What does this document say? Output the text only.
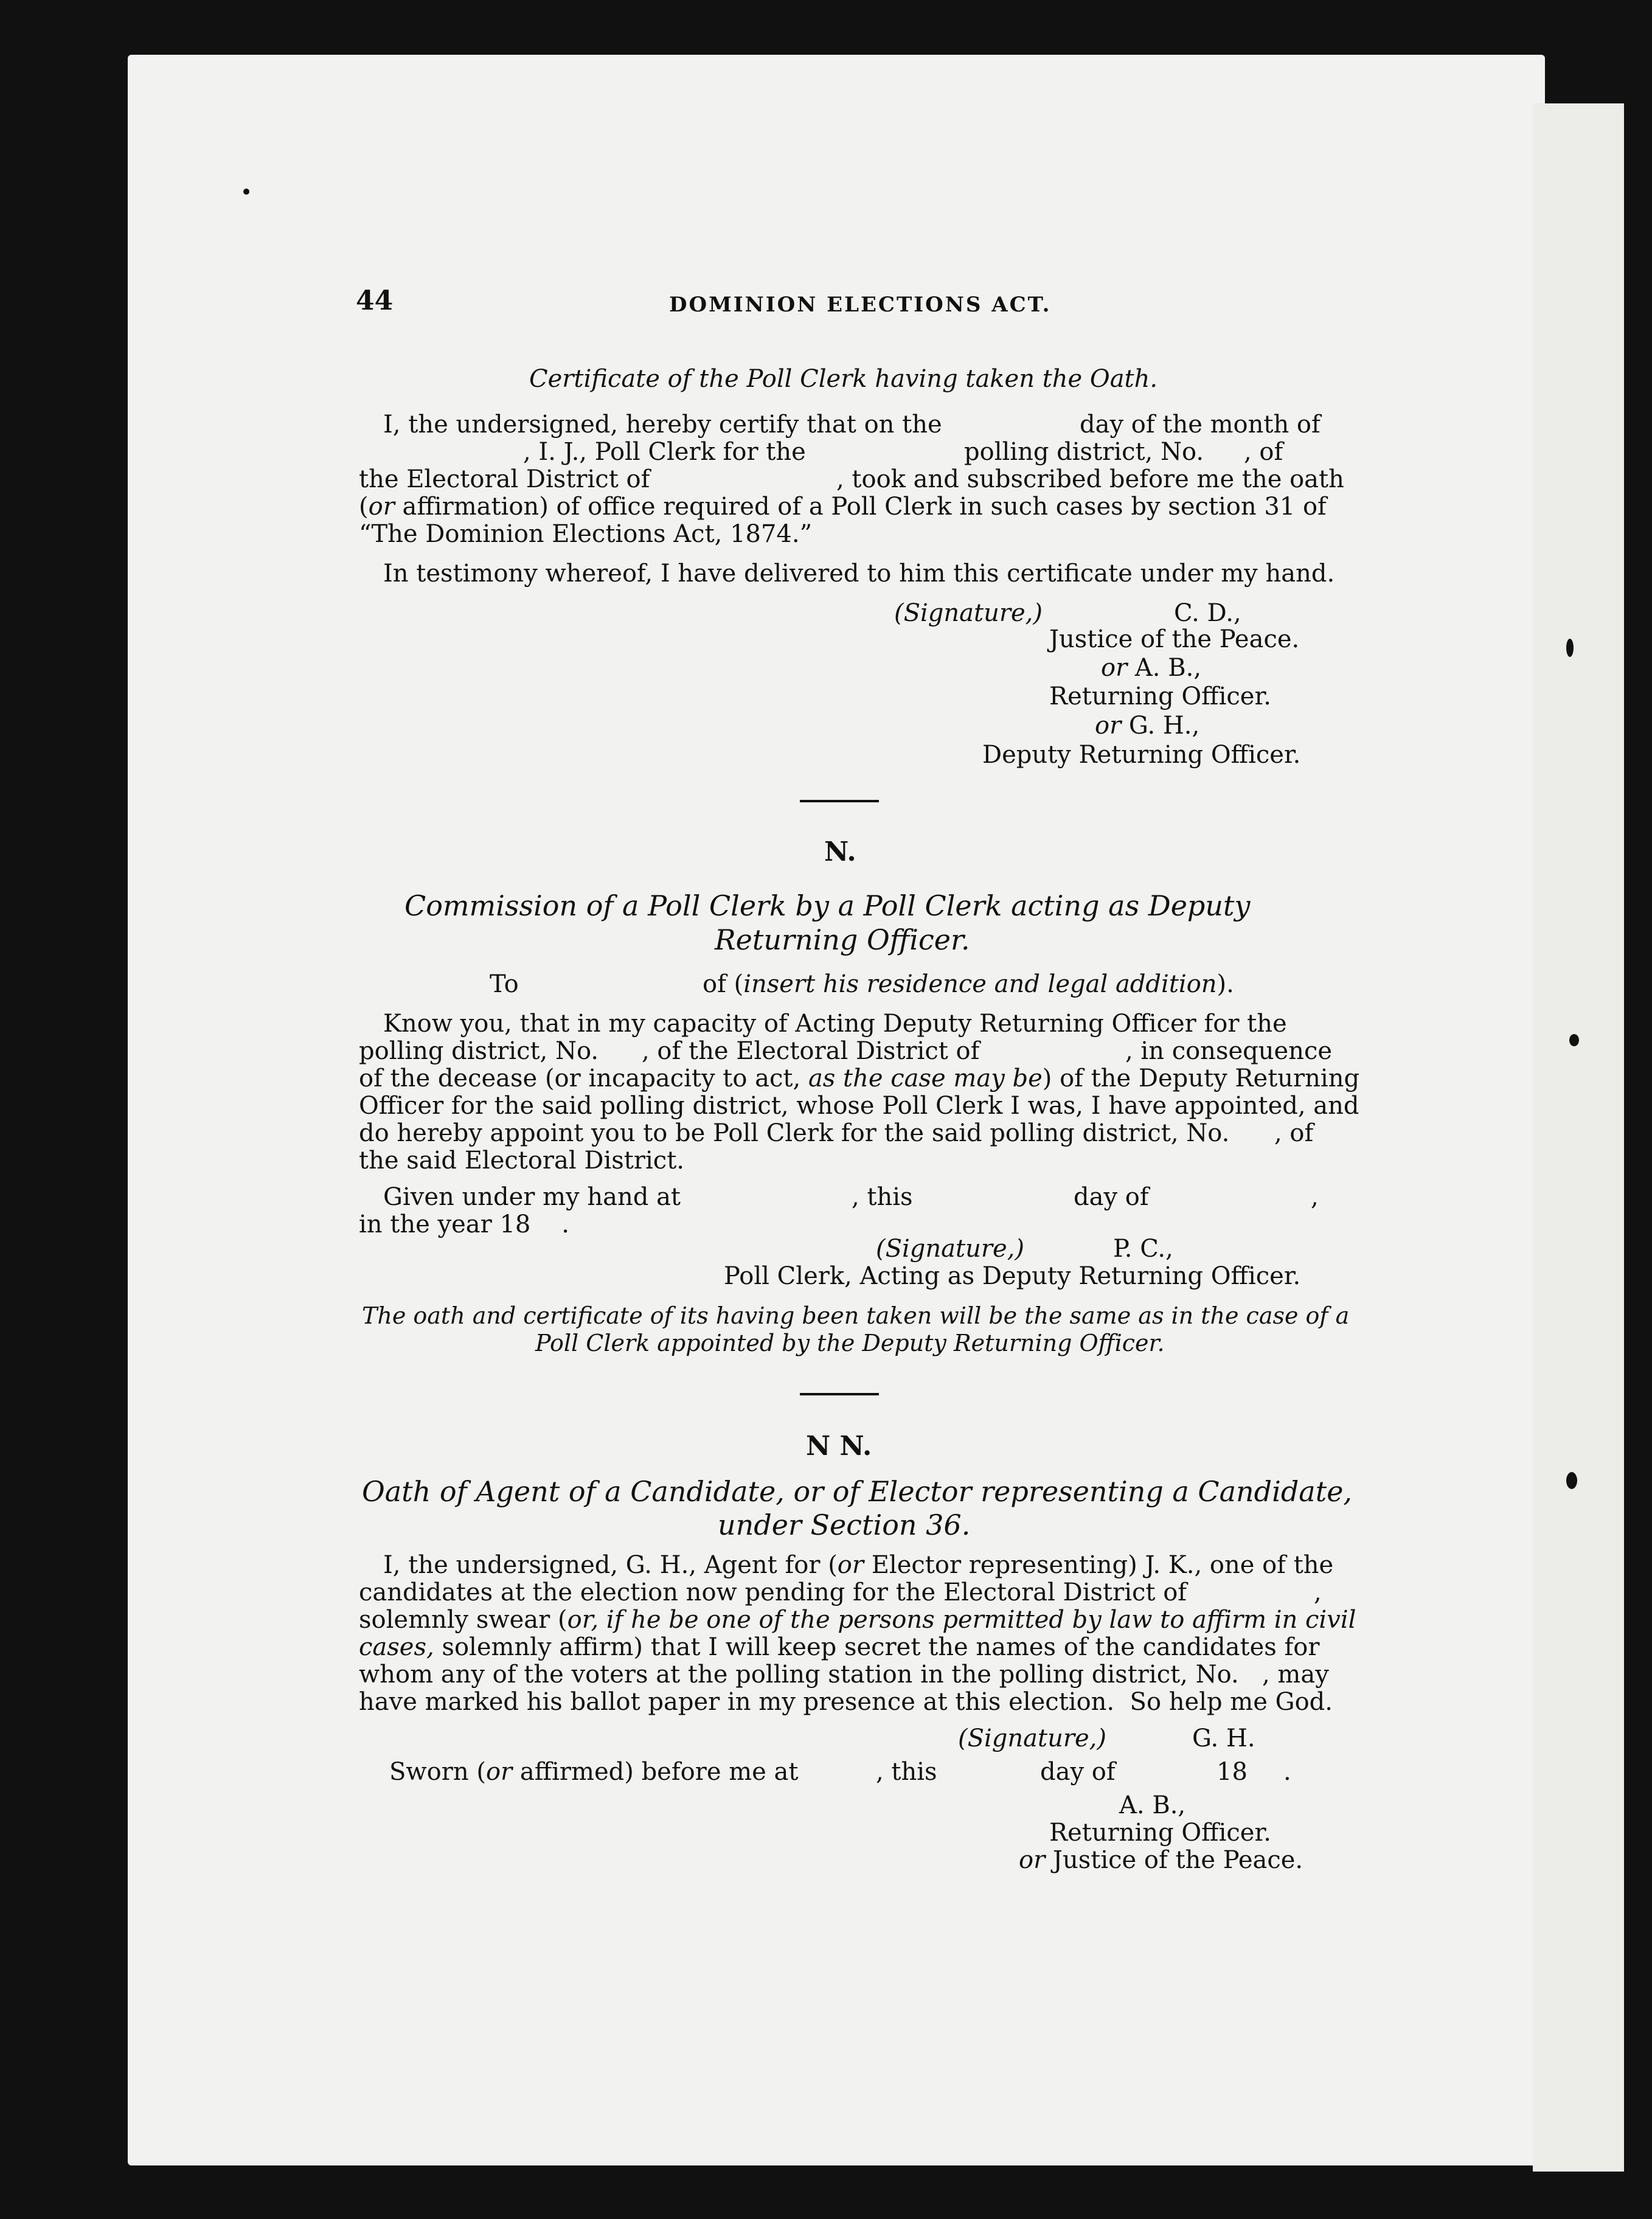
44	DOMINION ELECTIONS ACT.
Certificate of the Poll Clerk having taken the Oath.
I, the undersigned, hereby certify that on the	day of the month of
, I. J., Poll Clerk for the	polling district, No. , of
the Electoral District of	, took and subscribed before me the oath
(or affirmation) of office required of a Poll Clerk in such cases by section 31 of
“The Dominion Elections Act, 1874.”
In testimony whereof, I have delivered to him this certificate under my hand.
(Signature,)	C. D.,
Justice of the Peace.
or A. B.,
Returning Officer.
or G. H.,
Deputy Returning Officer.
N.
Commission of a Poll Clerk by a Poll Clerk acting as Deputy
Returning Officer.
To	of (insert his residence and legal addition).
Know you, that in my capacity of Acting Deputy Returning Officer for the
polling district, No. , of the Electoral District of	, in consequence
of the decease (or incapacity to act, as the case may be) of the Deputy Returning
Officer for the said polling district, whose Poll Clerk I was, I have appointed, and
do hereby appoint you to be Poll Clerk for the said polling district, No. , of
the said Electoral District.
Given under my hand at	, this	day of	,
in the year 18    .
(Signature,)	P. C.,
Poll Clerk, Acting as Deputy Returning Officer.
The oath and certificate of its having been taken will be the same as in the case of a
Poll Clerk appointed by the Deputy Returning Officer.
N N.
Oath of Agent of a Candidate, or of Elector representing a Candidate,
under Section 36.
I, the undersigned, G. H., Agent for (or Elector representing) J. K., one of the
candidates at the election now pending for the Electoral District of	,
solemnly swear (or, if he be one of the persons permitted by law to affirm in civil
cases, solemnly affirm) that I will keep secret the names of the candidates for
whom any of the voters at the polling station in the polling district, No. , may
have marked his ballot paper in my presence at this election.  So help me God.
(Signature,)	G. H.
Sworn (or affirmed) before me at	, this	day of	18 .
A. B.,
Returning Officer.
or Justice of the Peace.
